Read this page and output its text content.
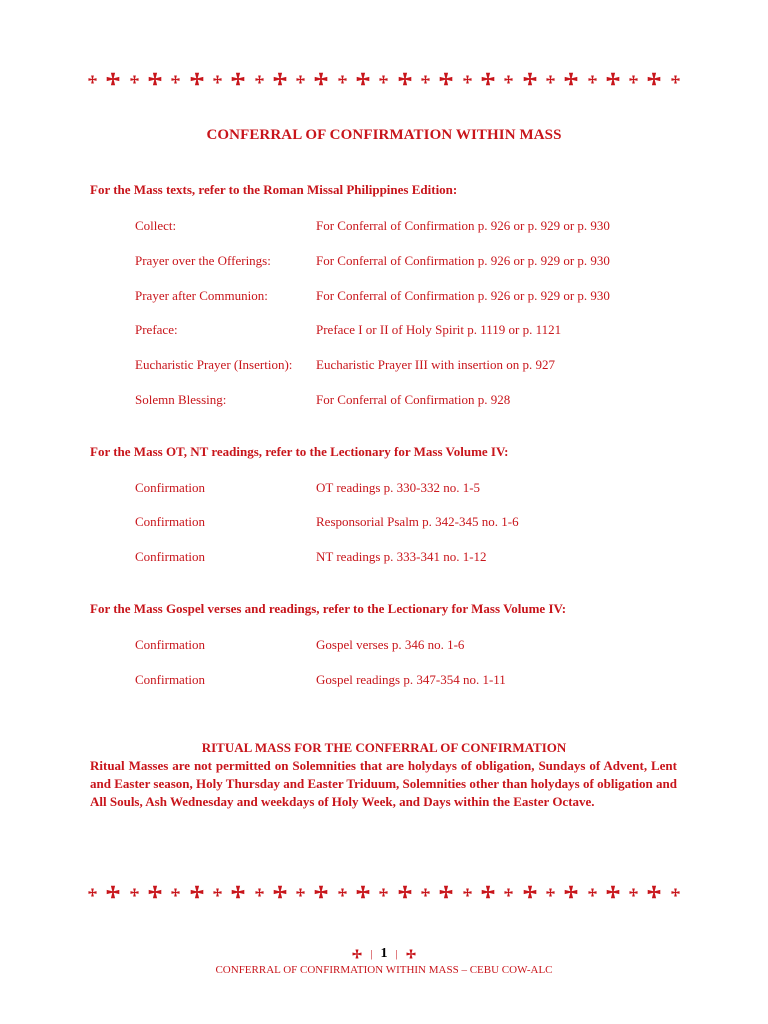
CONFERRAL OF CONFIRMATION WITHIN MASS
For the Mass texts, refer to the Roman Missal Philippines Edition:
Collect:	For Conferral of Confirmation p. 926 or p. 929 or p. 930
Prayer over the Offerings:	For Conferral of Confirmation p. 926 or p. 929 or p. 930
Prayer after Communion:	For Conferral of Confirmation p. 926 or p. 929 or p. 930
Preface:	Preface I or II of Holy Spirit p. 1119 or p. 1121
Eucharistic Prayer (Insertion): Eucharistic Prayer III with insertion on p. 927
Solemn Blessing:	For Conferral of Confirmation p. 928
For the Mass OT, NT readings, refer to the Lectionary for Mass Volume IV:
Confirmation	OT readings p. 330-332 no. 1-5
Confirmation	Responsorial Psalm p. 342-345 no. 1-6
Confirmation	NT readings p. 333-341 no. 1-12
For the Mass Gospel verses and readings, refer to the Lectionary for Mass Volume IV:
Confirmation	Gospel verses p. 346 no. 1-6
Confirmation	Gospel readings p. 347-354 no. 1-11
RITUAL MASS FOR THE CONFERRAL OF CONFIRMATION
Ritual Masses are not permitted on Solemnities that are holydays of obligation, Sundays of Advent, Lent and Easter season, Holy Thursday and Easter Triduum, Solemnities other than holydays of obligation and All Souls, Ash Wednesday and weekdays of Holy Week, and Days within the Easter Octave.
| 1 |
CONFERRAL OF CONFIRMATION WITHIN MASS – CEBU COW-ALC
